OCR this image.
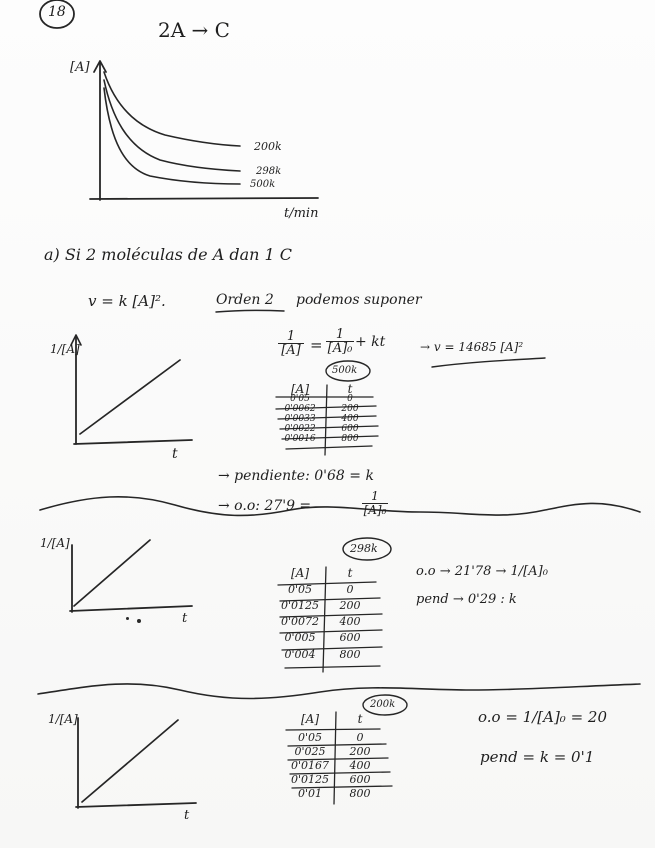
18
2A → C
[A]
200k
298k
500k
t/min
a) Si 2 moléculas de A dan 1 C
v = k [A]².	Orden 2 podemos suponer
$\frac{1}{[A]} = \frac{1}{\text{[A]₀}}$ + kt	→ v = 14685 [A]²
1/[A]
t
500k
[A]	t
0'05	0
0'0062	200
0'0033	400
0'0022	600
0'0016	800
→ pendiente: 0'68 = k
→ o.o: 27'9 =	$\frac{1}{\text{[A]₀}}$
1/[A]
t
298k
[A]	t
0'05	0
0'0125	200
0'0072	400
0'005	600
0'004	800
o.o → 21'78 → 1/[A]₀
pend → 0'29 : k
1/[A]
t
200k
[A]	t
0'05	0
0'025	200
0'0167	400
0'0125	600
0'01	800
o.o = 1/[A]₀ = 20
pend = k = 0'1
